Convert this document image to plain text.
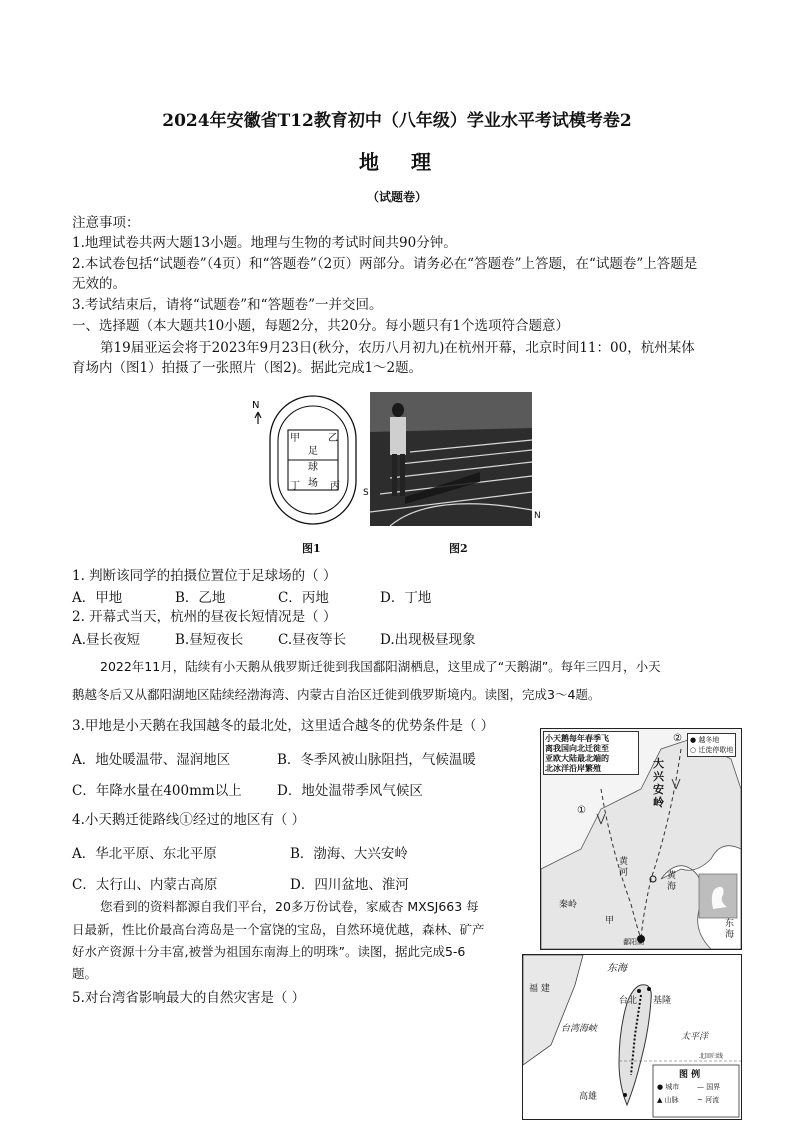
2024年安徽省T12教育初中（八年级）学业水平考试模考卷2
地 理
（试题卷）
注意事项：
1.地理试卷共两大题13小题。地理与生物的考试时间共90分钟。
2.本试卷包括“试题卷”（4页）和“答题卷”（2页）两部分。请务必在“答题卷”上答题，在“试题卷”上答题是
无效的。
3.考试结束后，请将“试题卷”和“答题卷”一并交回。
一、选择题（本大题共10小题，每题2分，共20分。每小题只有1个选项符合题意）
第19届亚运会将于2023年9月23日(秋分，农历八月初九)在杭州开幕，北京时间11：00，杭州某体
育场内（图1）拍摄了一张照片（图2)。据此完成1～2题。
N
甲	乙
丙
丁
足
球
场
S
图1
N
图2
1. 判断该同学的拍摄位置位于足球场的（ ）
A．甲地	B．乙地	C．丙地	D．丁地
2. 开幕式当天，杭州的昼夜长短情况是（ ）
A.昼长夜短	B.昼短夜长	C.昼夜等长	D.出现极昼现象
2022年11月，陆续有小天鹅从俄罗斯迁徙到我国鄱阳湖栖息，这里成了“天鹅湖”。每年三四月，小天
鹅越冬后又从鄱阳湖地区陆续经渤海湾、内蒙古自治区迁徙到俄罗斯境内。读图，完成3～4题。
3.甲地是小天鹅在我国越冬的最北处，这里适合越冬的优势条件是（ ）
A．地处暖温带、湿润地区	B．冬季风被山脉阻挡，气候温暖
C．年降水量在400mm以上	D．地处温带季风气候区
4.小天鹅迁徙路线①经过的地区有（ ）
A．华北平原、东北平原	B．渤海、大兴安岭
C．太行山、内蒙古高原	D．四川盆地、淮河
您看到的资料都源自我们平台，20多万份试卷，家威杏 MXSJ663 每
日最新，性比价最高台湾岛是一个富饶的宝岛，自然环境优越，森林、矿产
好水产资源十分丰富,被誉为祖国东南海上的明珠”。读图，据此完成5-6
题。
5.对台湾省影响最大的自然灾害是（ ）
小天鹅每年春季飞
离我国向北迁徙至
亚欧大陆最北端的
北冰洋沿岸繁殖
● 越冬地
○ 迁徙停歇地
①
②
大
兴
安
岭
黄
河
秦岭
甲
黄
海
东
海
鄱阳湖
东海
福 建
台北 基隆
台湾海峡
太平洋
高雄
北回归线
图 例
● 城市	— 国界
▲ 山脉	~ 河流
